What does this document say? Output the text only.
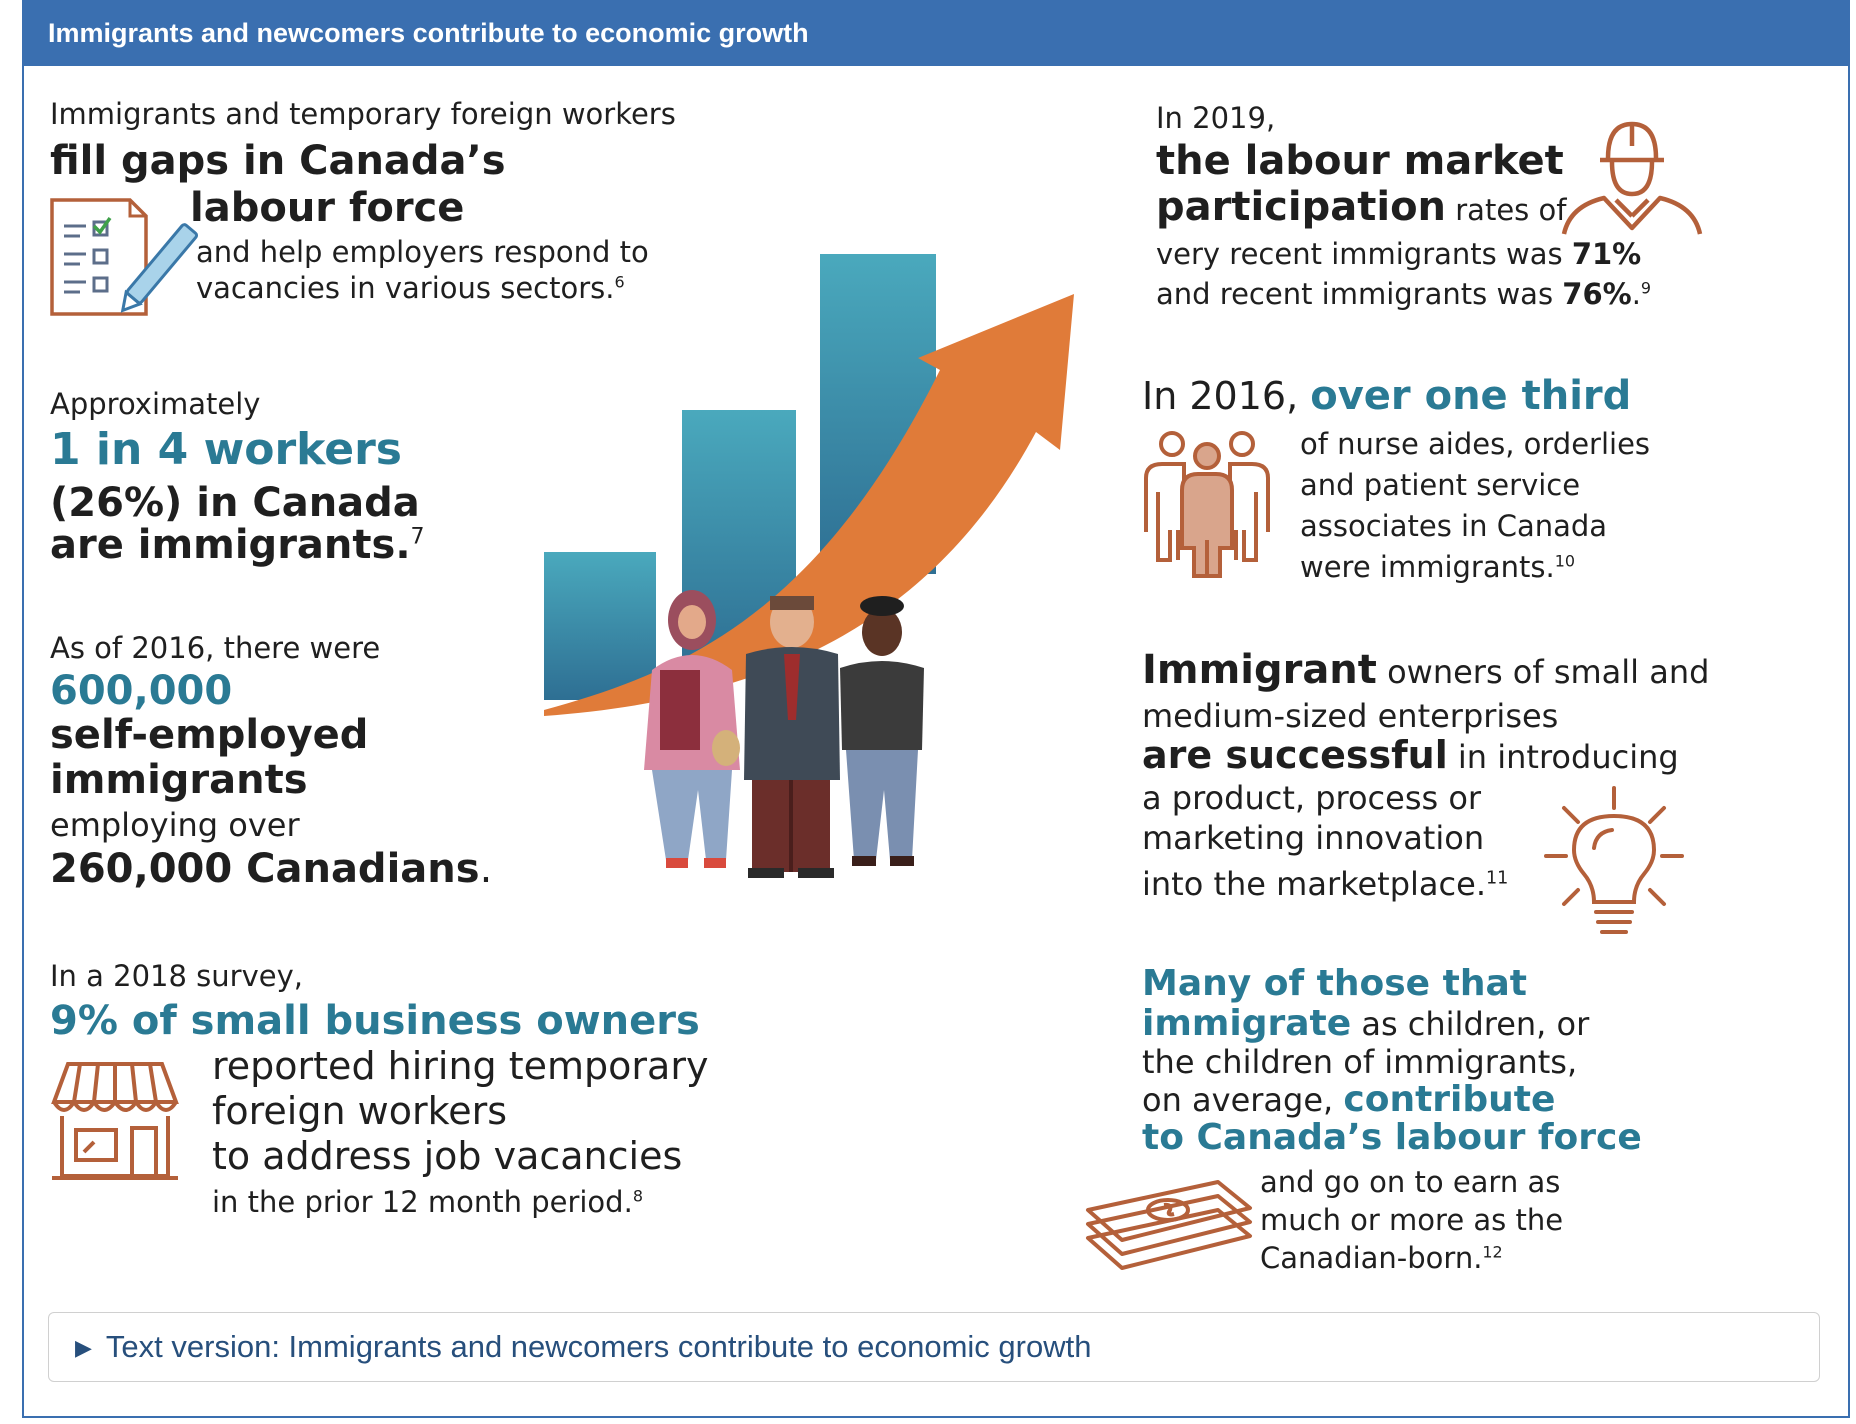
Immigrants and newcomers contribute to economic growth
Immigrants and temporary foreign workers
fill gaps in Canada’s
labour force
and help employers respond to
vacancies in various sectors.$^6$
Approximately
1 in 4 workers
(26%) in Canada
are immigrants.$^7$
As of 2016, there were
600,000
self-employed
immigrants
employing over
260,000 Canadians.
In a 2018 survey,
9% of small business owners
reported hiring temporary
foreign workers
to address job vacancies
in the prior 12 month period.$^8$
In 2019,
the labour market
participation rates of
very recent immigrants was 71%
and recent immigrants was 76%.$^9$
In 2016, over one third
of nurse aides, orderlies
and patient service
associates in Canada
were immigrants.$^{10}$
Immigrant owners of small and
medium-sized enterprises
are successful in introducing
a product, process or
marketing innovation
into the marketplace.$^{11}$
Many of those that
immigrate as children, or
the children of immigrants,
on average, contribute
to Canada’s labour force
and go on to earn as
much or more as the
Canadian-born.$^{12}$
▶ Text version: Immigrants and newcomers contribute to economic growth
